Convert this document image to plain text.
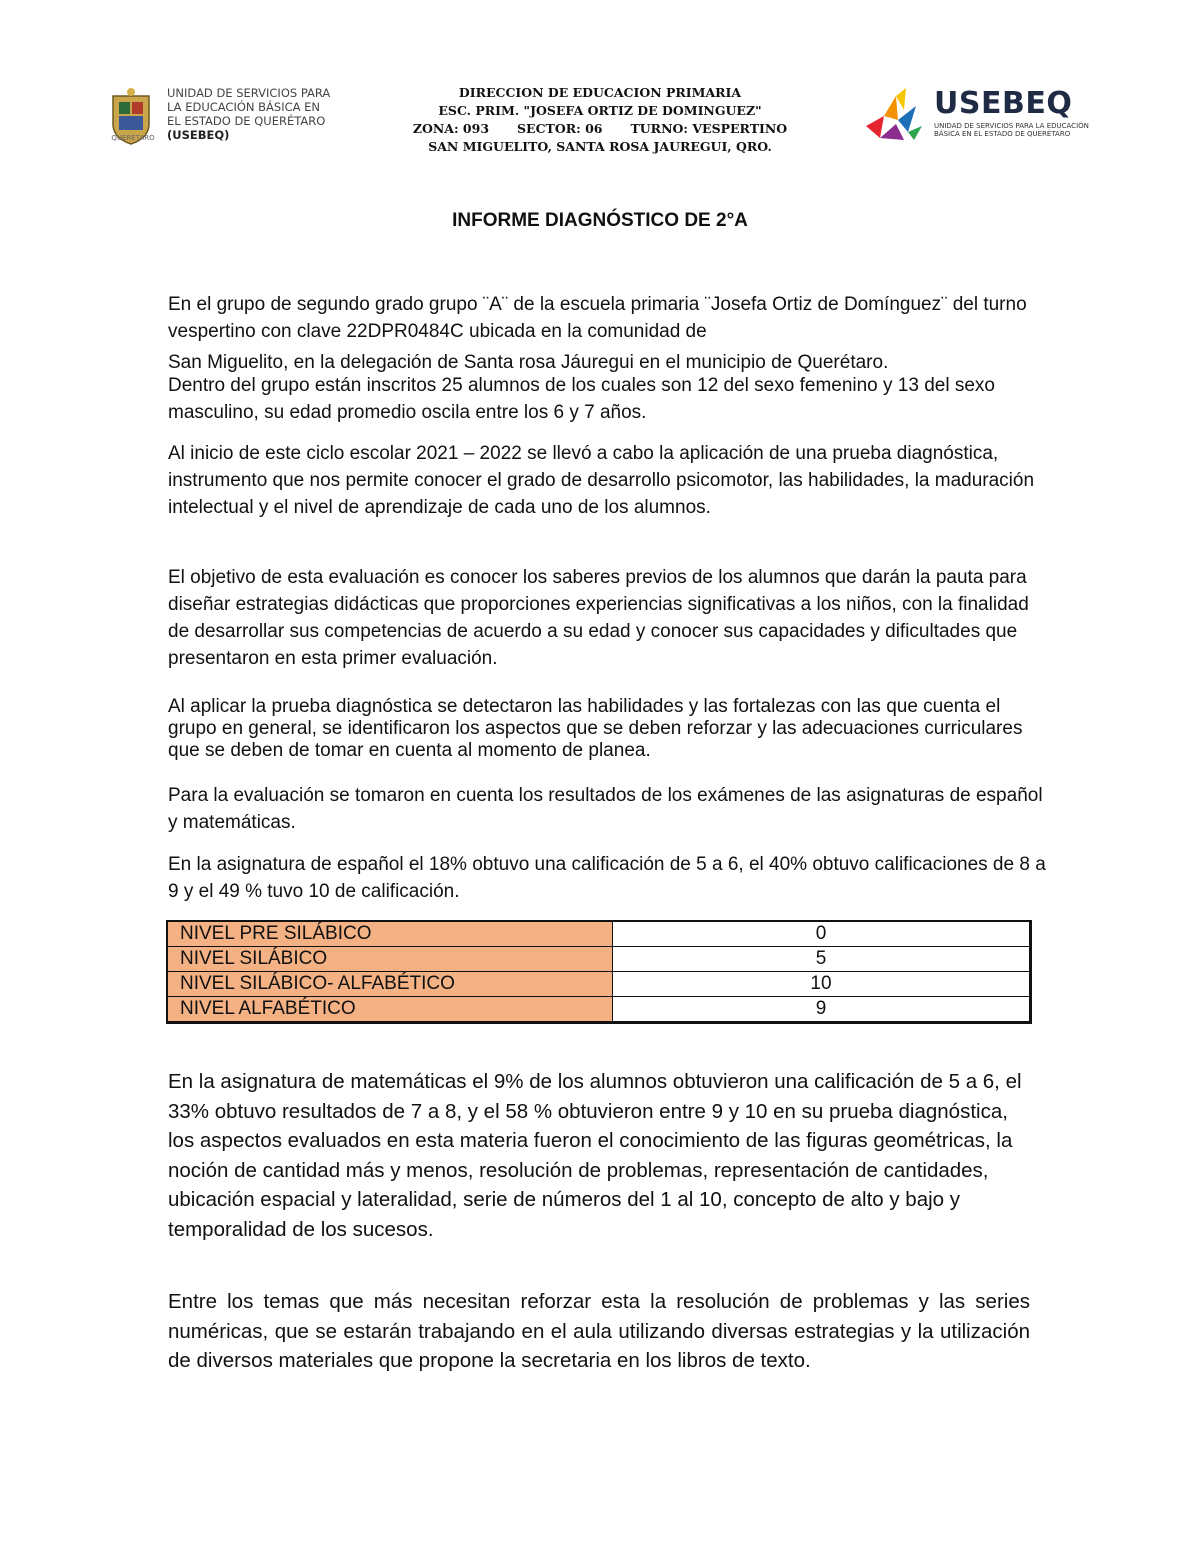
QUERÉTARO
UNIDAD DE SERVICIOS PARA
LA EDUCACIÓN BÁSICA EN
EL ESTADO DE QUERÉTARO
(USEBEQ)
DIRECCION DE EDUCACION PRIMARIA
ESC. PRIM. "JOSEFA ORTIZ DE DOMINGUEZ"
ZONA: 093 SECTOR: 06 TURNO: VESPERTINO
SAN MIGUELITO, SANTA ROSA JAUREGUI, QRO.
USEBEQ
UNIDAD DE SERVICIOS PARA LA EDUCACIÓN
BÁSICA EN EL ESTADO DE QUERÉTARO
INFORME DIAGNÓSTICO DE 2°A

En el grupo de segundo grado grupo ¨A¨ de la escuela primaria ¨Josefa Ortiz de Domínguez¨ del turno vespertino con clave 22DPR0484C ubicada en la comunidad de

San Miguelito, en la delegación de Santa rosa Jáuregui en el municipio de Querétaro.

Dentro del grupo están inscritos 25 alumnos de los cuales son 12 del sexo femenino y 13 del sexo masculino, su edad promedio oscila entre los 6 y 7 años.

Al inicio de este ciclo escolar 2021 – 2022 se llevó a cabo la aplicación de una prueba diagnóstica, instrumento que nos permite conocer el grado de desarrollo psicomotor, las habilidades, la maduración intelectual y el nivel de aprendizaje de cada uno de los alumnos.

El objetivo de esta evaluación es conocer los saberes previos de los alumnos que darán la pauta para diseñar estrategias didácticas que proporciones experiencias significativas a los niños, con la finalidad de desarrollar sus competencias de acuerdo a su edad y conocer sus capacidades y dificultades que presentaron en esta primer evaluación.

Al aplicar la prueba diagnóstica se detectaron las habilidades y las fortalezas con las que cuenta el grupo en general, se identificaron los aspectos que se deben reforzar y las adecuaciones curriculares que se deben de tomar en cuenta al momento de planea.

Para la evaluación se tomaron en cuenta los resultados de los exámenes de las asignaturas de español y matemáticas.

En la asignatura de español el 18% obtuvo una calificación de 5 a 6, el 40% obtuvo calificaciones de 8 a 9 y el 49 % tuvo 10 de calificación.

NIVEL PRE SILÁBICO	0
NIVEL SILÁBICO	5
NIVEL SILÁBICO- ALFABÉTICO	10
NIVEL ALFABÉTICO	9

En la asignatura de matemáticas el 9% de los alumnos obtuvieron una calificación de 5 a 6, el 33% obtuvo resultados de 7 a 8, y el 58 % obtuvieron entre 9 y 10 en su prueba diagnóstica, los aspectos evaluados en esta materia fueron el conocimiento de las figuras geométricas, la noción de cantidad más y menos, resolución de problemas, representación de cantidades, ubicación espacial y lateralidad, serie de números del 1 al 10, concepto de alto y bajo y temporalidad de los sucesos.

Entre los temas que más necesitan reforzar esta la resolución de problemas y las series numéricas, que se estarán trabajando en el aula utilizando diversas estrategias y la utilización de diversos materiales que propone la secretaria en los libros de texto.
